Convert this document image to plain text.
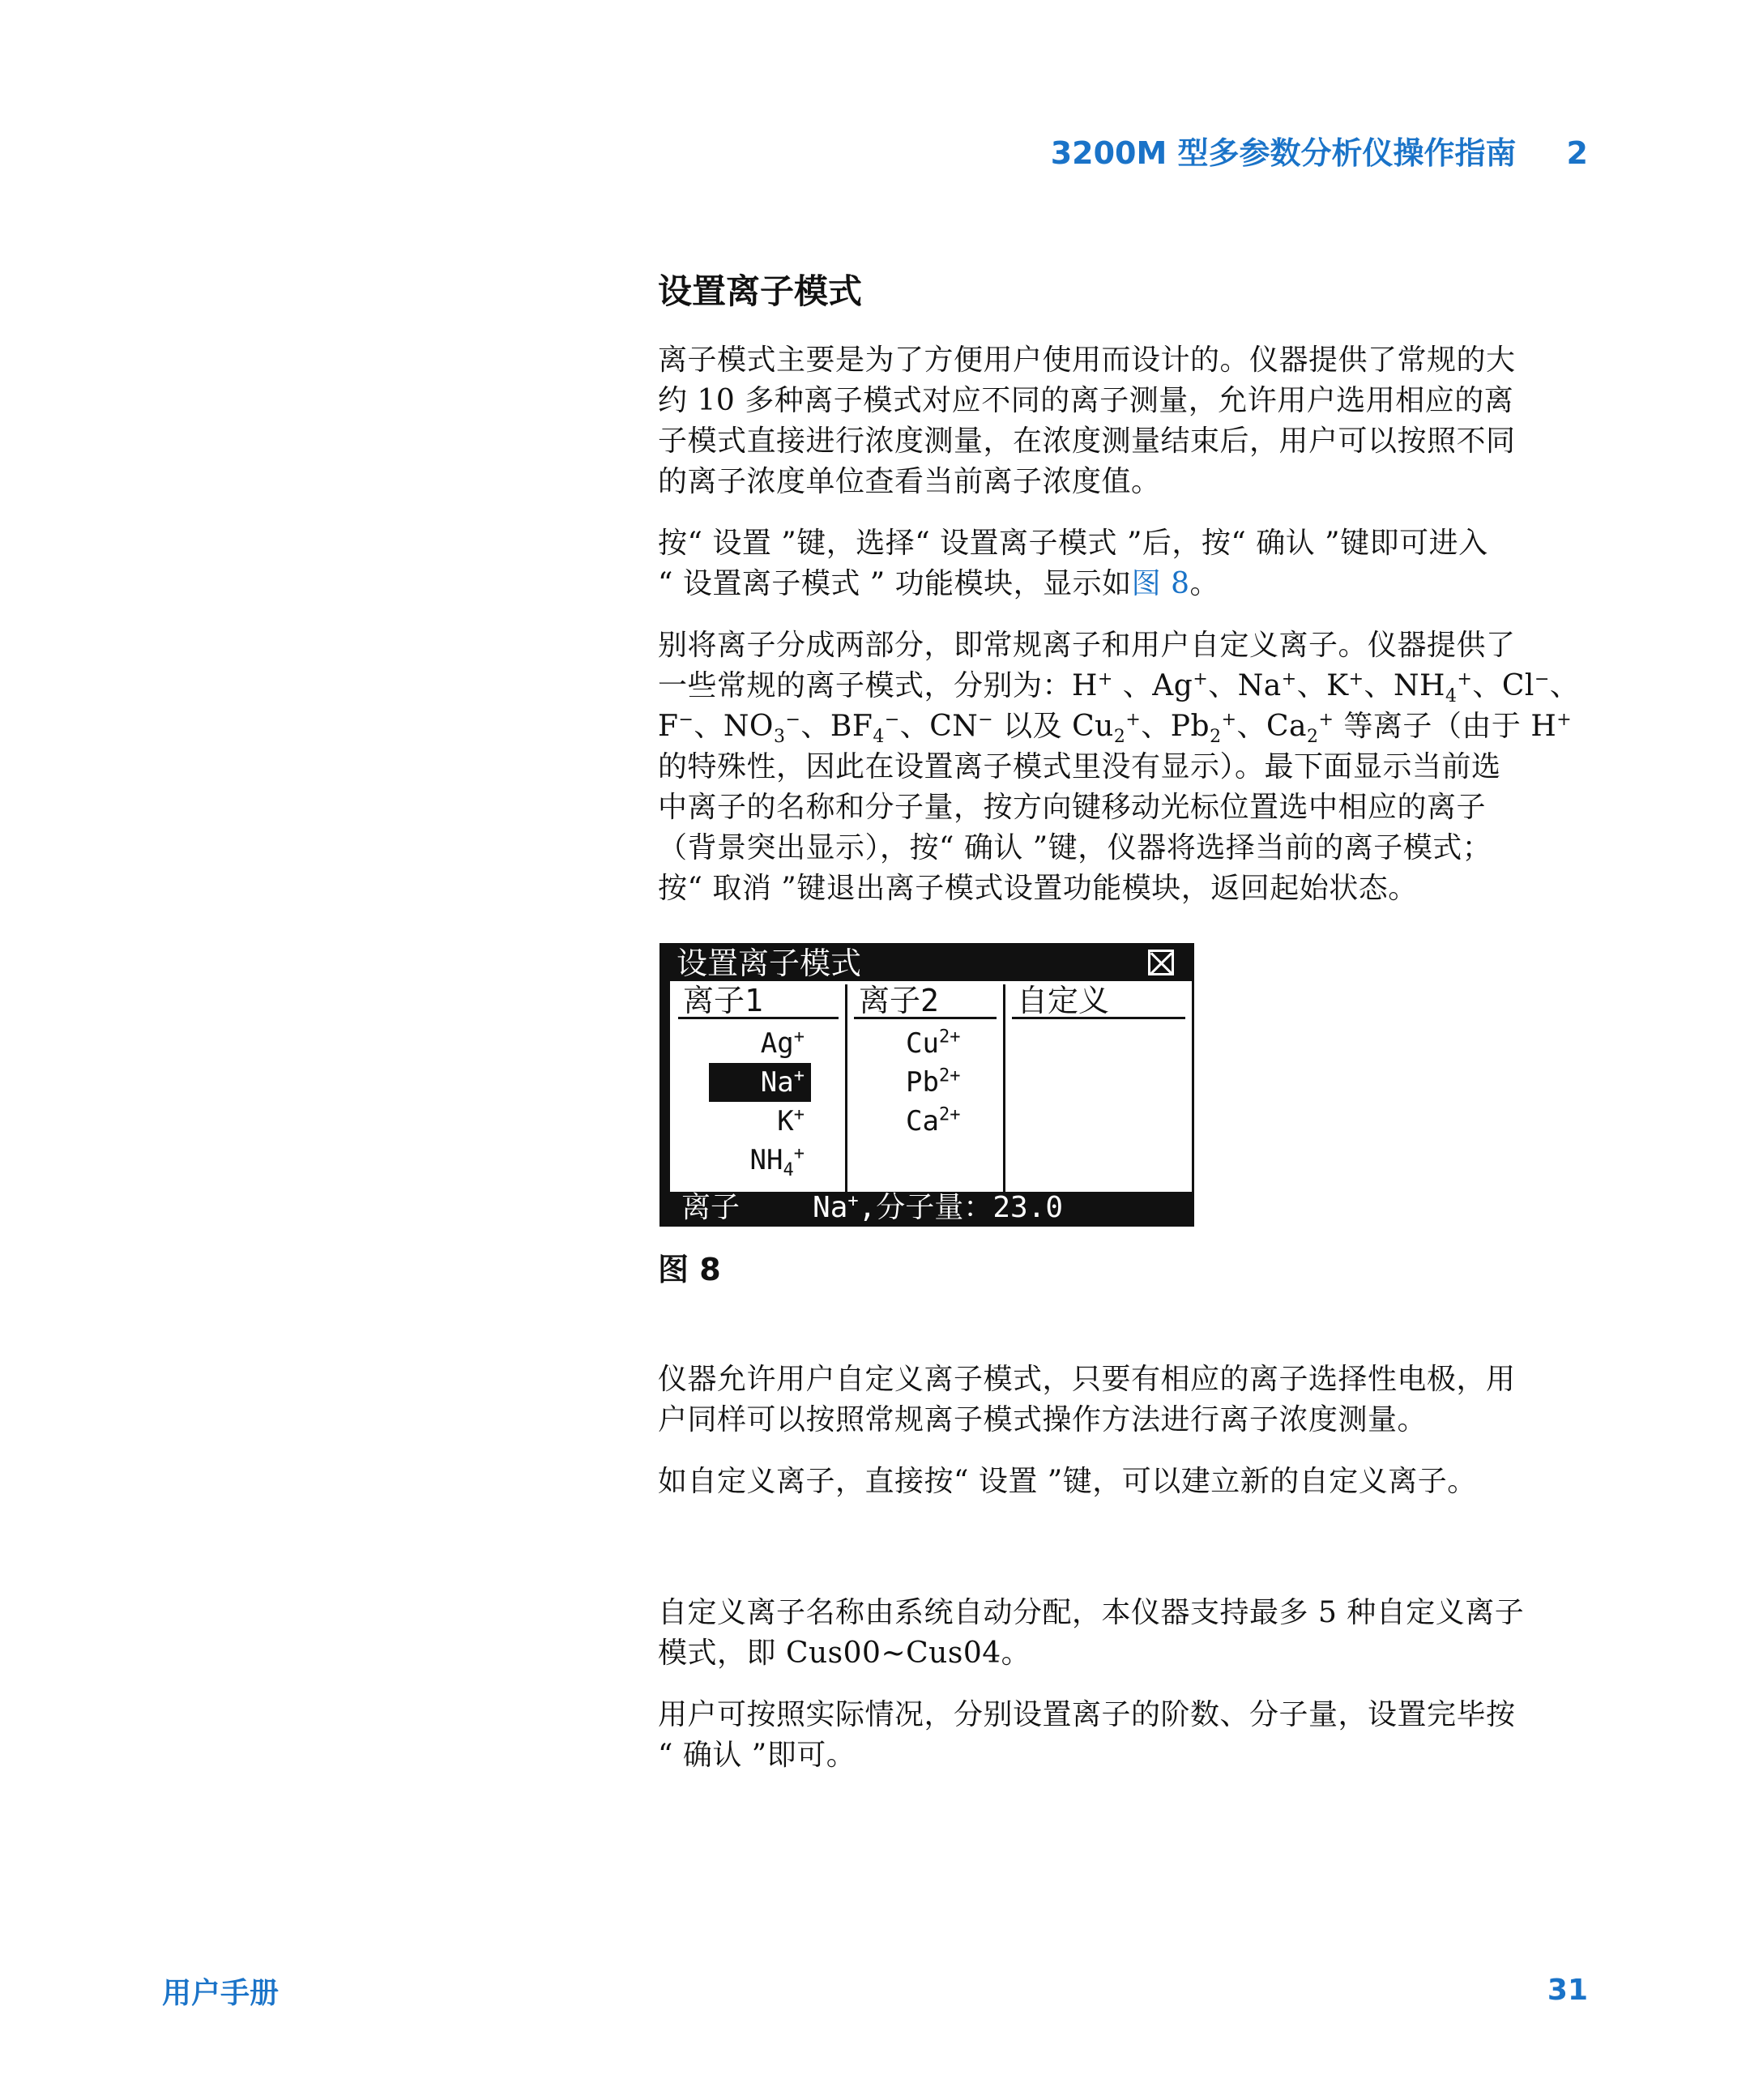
3200M 型多参数分析仪操作指南 2
设置离子模式
离子模式主要是为了方便用户使用而设计的。仪器提供了常规的大
约 10 多种离子模式对应不同的离子测量，允许用户选用相应的离
子模式直接进行浓度测量，在浓度测量结束后，用户可以按照不同
的离子浓度单位查看当前离子浓度值。
按“ 设置 ”键，选择“ 设置离子模式 ”后，按“ 确认 ”键即可进入
“ 设置离子模式 ” 功能模块，显示如图 8。
别将离子分成两部分，即常规离子和用户自定义离子。仪器提供了
一些常规的离子模式，分别为：H+ 、Ag+、Na+、K+、$NH_4^+$、Cl−、
F−、$NO_3^-$、$BF_4^-$、CN− 以及 $Cu_2^+$、$Pb_2^+$、$Ca_2^+$ 等离子（由于 H+
的特殊性，因此在设置离子模式里没有显示）。最下面显示当前选
中离子的名称和分子量，按方向键移动光标位置选中相应的离子
（背景突出显示），按“ 确认 ”键，仪器将选择当前的离子模式；
按“ 取消 ”键退出离子模式设置功能模块，返回起始状态。
设置离子模式
离子1
Ag+
Na+
K+
$NH_4^+$
离子2
$Cu^{2+}$
$Pb^{2+}$
$Ca^{2+}$
自定义
离子	Na+,分子量：23.0
图 8
仪器允许用户自定义离子模式，只要有相应的离子选择性电极，用
户同样可以按照常规离子模式操作方法进行离子浓度测量。
如自定义离子，直接按“ 设置 ”键，可以建立新的自定义离子。
自定义离子名称由系统自动分配，本仪器支持最多 5 种自定义离子
模式，即 Cus00~Cus04。
用户可按照实际情况，分别设置离子的阶数、分子量，设置完毕按
“ 确认 ”即可。
用户手册	31
